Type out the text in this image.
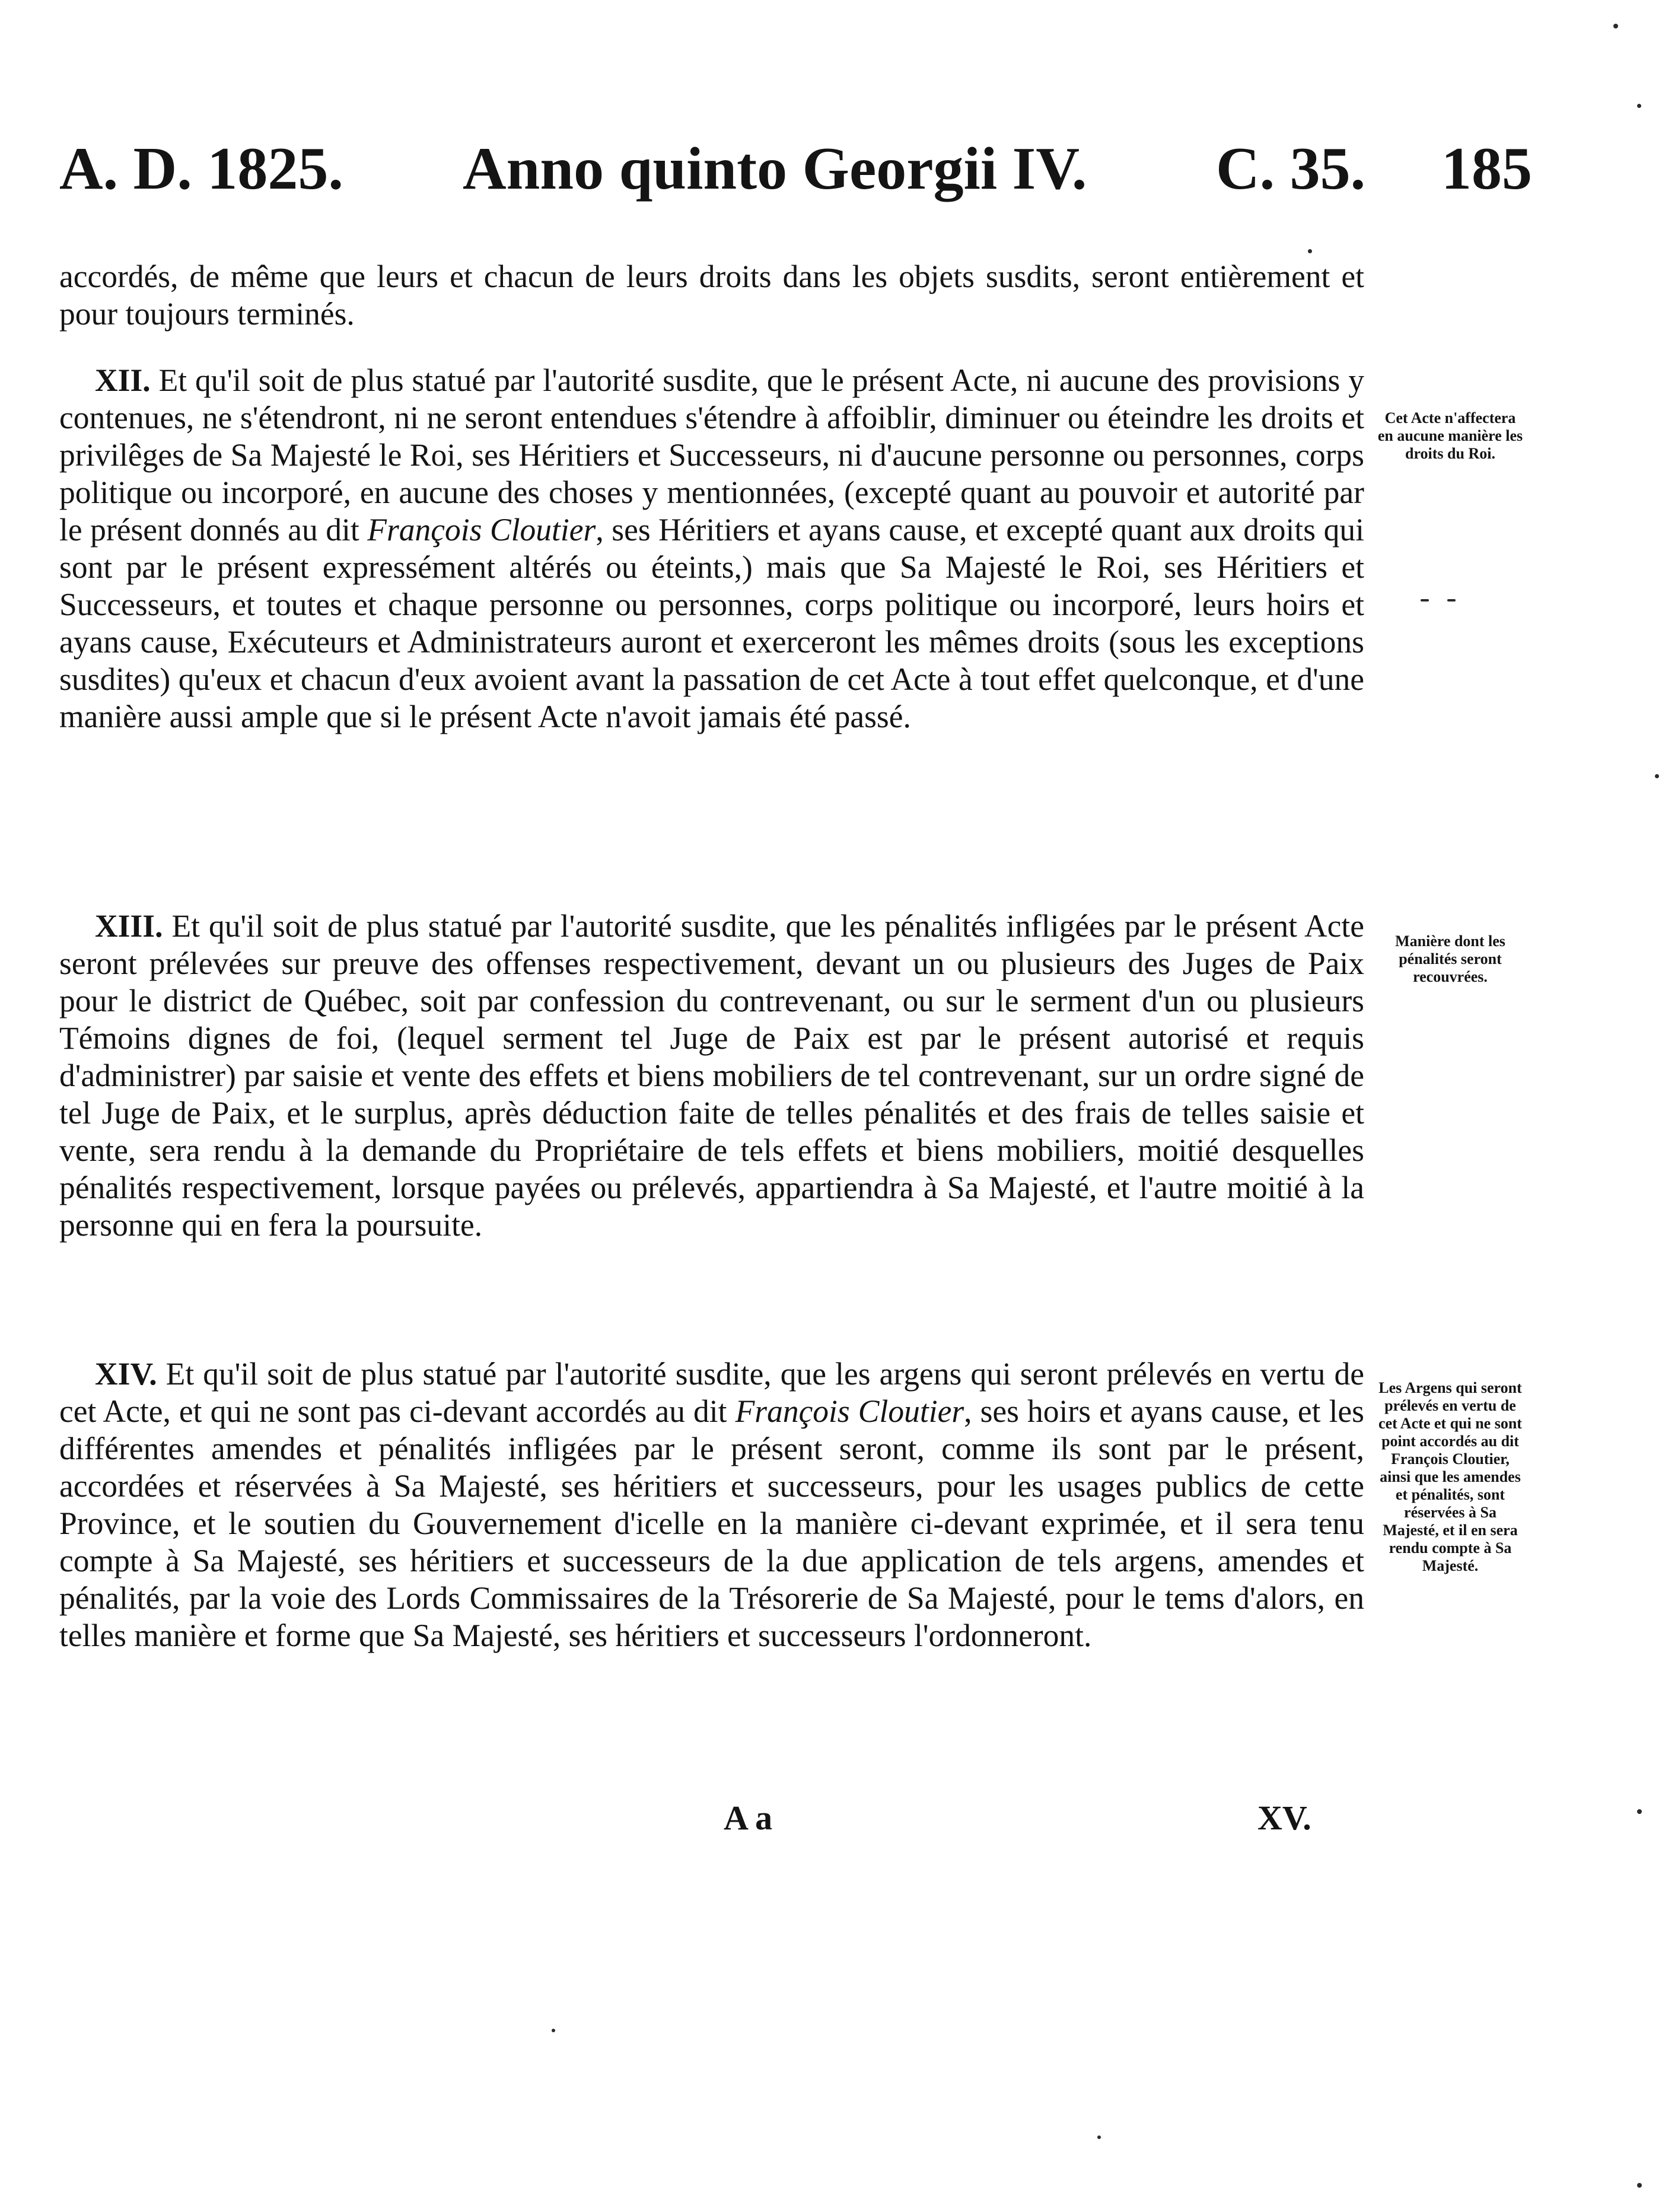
A. D. 1825. Anno quinto Georgii IV. C. 35. 185

accordés, de même que leurs et chacun de leurs droits dans les objets susdits, seront entièrement et pour toujours terminés.

XII. Et qu'il soit de plus statué par l'autorité susdite, que le présent Acte, ni aucune des provisions y contenues, ne s'étendront, ni ne seront entendues s'étendre à affoiblir, diminuer ou éteindre les droits et privilêges de Sa Majesté le Roi, ses Héritiers et Successeurs, ni d'aucune personne ou personnes, corps politique ou incorporé, en aucune des choses y mentionnées, (excepté quant au pouvoir et autorité par le présent donnés au dit François Cloutier, ses Héritiers et ayans cause, et excepté quant aux droits qui sont par le présent expressément altérés ou éteints,) mais que Sa Majesté le Roi, ses Héritiers et Successeurs, et toutes et chaque personne ou personnes, corps politique ou incorporé, leurs hoirs et ayans cause, Exécuteurs et Administrateurs auront et exerceront les mêmes droits (sous les exceptions susdites) qu'eux et chacun d'eux avoient avant la passation de cet Acte à tout effet quelconque, et d'une manière aussi ample que si le présent Acte n'avoit jamais été passé.

Cet Acte n'affectera en aucune manière les droits du Roi.

XIII. Et qu'il soit de plus statué par l'autorité susdite, que les pénalités infligées par le présent Acte seront prélevées sur preuve des offenses respectivement, devant un ou plusieurs des Juges de Paix pour le district de Québec, soit par confession du contrevenant, ou sur le serment d'un ou plusieurs Témoins dignes de foi, (lequel serment tel Juge de Paix est par le présent autorisé et requis d'administrer) par saisie et vente des effets et biens mobiliers de tel contrevenant, sur un ordre signé de tel Juge de Paix, et le surplus, après déduction faite de telles pénalités et des frais de telles saisie et vente, sera rendu à la demande du Propriétaire de tels effets et biens mobiliers, moitié desquelles pénalités respectivement, lorsque payées ou prélevés, appartiendra à Sa Majesté, et l'autre moitié à la personne qui en fera la poursuite.

Manière dont les pénalités seront recouvrées.

XIV. Et qu'il soit de plus statué par l'autorité susdite, que les argens qui seront prélevés en vertu de cet Acte, et qui ne sont pas ci-devant accordés au dit François Cloutier, ses hoirs et ayans cause, et les différentes amendes et pénalités infligées par le présent seront, comme ils sont par le présent, accordées et réservées à Sa Majesté, ses héritiers et successeurs, pour les usages publics de cette Province, et le soutien du Gouvernement d'icelle en la manière ci-devant exprimée, et il sera tenu compte à Sa Majesté, ses héritiers et successeurs de la due application de tels argens, amendes et pénalités, par la voie des Lords Commissaires de la Trésorerie de Sa Majesté, pour le tems d'alors, en telles manière et forme que Sa Majesté, ses héritiers et successeurs l'ordonneront.

Les Argens qui seront prélevés en vertu de cet Acte et qui ne sont point accordés au dit François Cloutier, ainsi que les amendes et pénalités, sont réservées à Sa Majesté, et il en sera rendu compte à Sa Majesté.
A a	XV.
